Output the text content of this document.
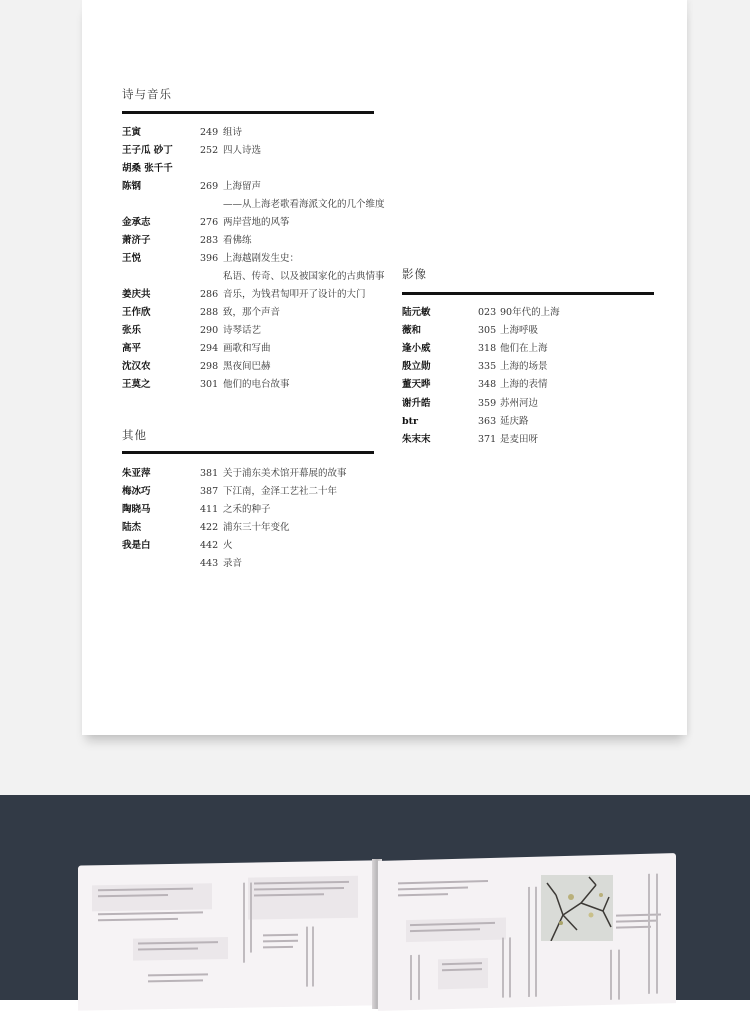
诗与音乐
王寅	249 组诗
王子瓜 砂丁	252 四人诗选
胡桑 张千千
陈钢	269 上海留声
——从上海老歌看海派文化的几个维度
金承志	276 两岸营地的风筝
萧济子	283 看佛练
王悦	396 上海越剧发生史：
私语、传奇、以及被国家化的古典情事
姜庆共	286 音乐，为钱君匋叩开了设计的大门
王作欣	288 致，那个声音
张乐	290 诗琴话艺
高平	294 画歌和写曲
沈汉农	298 黑夜间巴赫
王莫之	301 他们的电台故事
其他
朱亚萍	381 关于浦东美术馆开幕展的故事
梅冰巧	387 下江南，金泽工艺社二十年
陶晓马	411 之禾的种子
陆杰	422 浦东三十年变化
我是白	442 火
443 录音
影像
陆元敏	023 90年代的上海
薇和	305 上海呼吸
逢小威	318 他们在上海
殷立勋	335 上海的场景
董天晔	348 上海的表情
谢升皓	359 苏州河边
btr	363 延庆路
朱末末	371 是麦田呀
